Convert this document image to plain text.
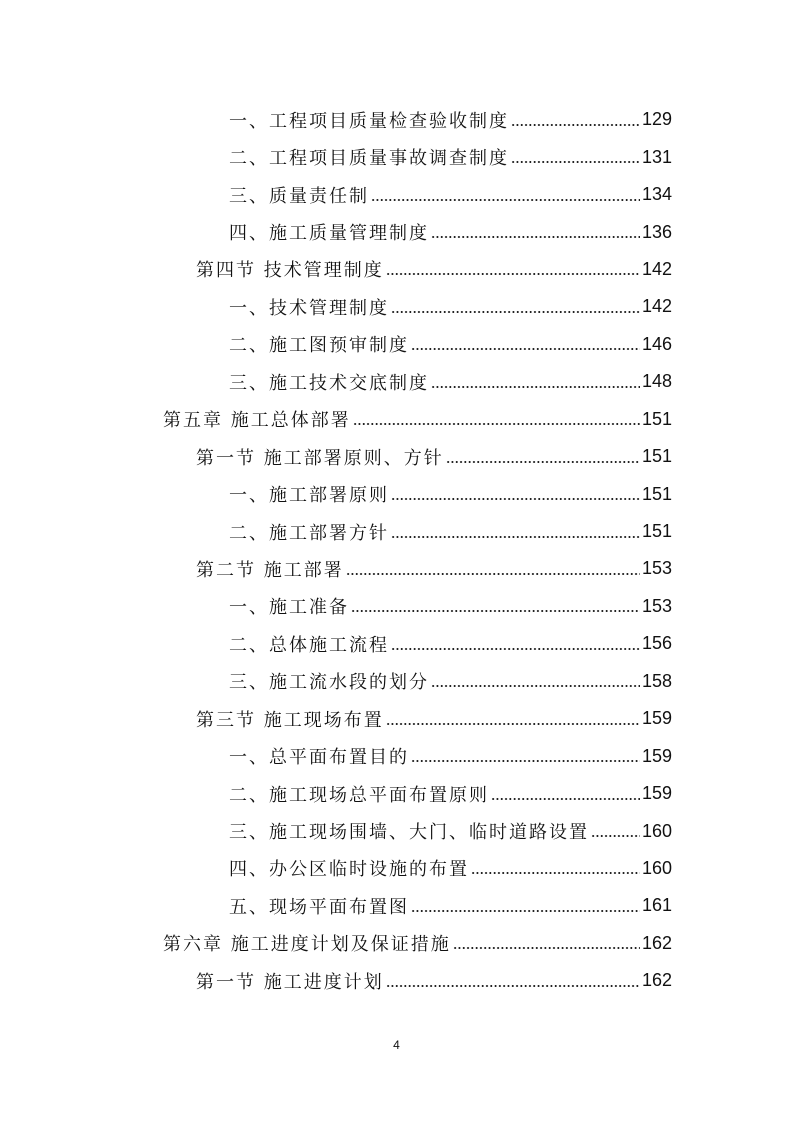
一、工程项目质量检查验收制度	129
二、工程项目质量事故调查制度	131
三、质量责任制	134
四、施工质量管理制度	136
第四节 技术管理制度	142
一、技术管理制度	142
二、施工图预审制度	146
三、施工技术交底制度	148
第五章 施工总体部署	151
第一节 施工部署原则、方针	151
一、施工部署原则	151
二、施工部署方针	151
第二节 施工部署	153
一、施工准备	153
二、总体施工流程	156
三、施工流水段的划分	158
第三节 施工现场布置	159
一、总平面布置目的	159
二、施工现场总平面布置原则	159
三、施工现场围墙、大门、临时道路设置	160
四、办公区临时设施的布置	160
五、现场平面布置图	161
第六章 施工进度计划及保证措施	162
第一节 施工进度计划	162
4
